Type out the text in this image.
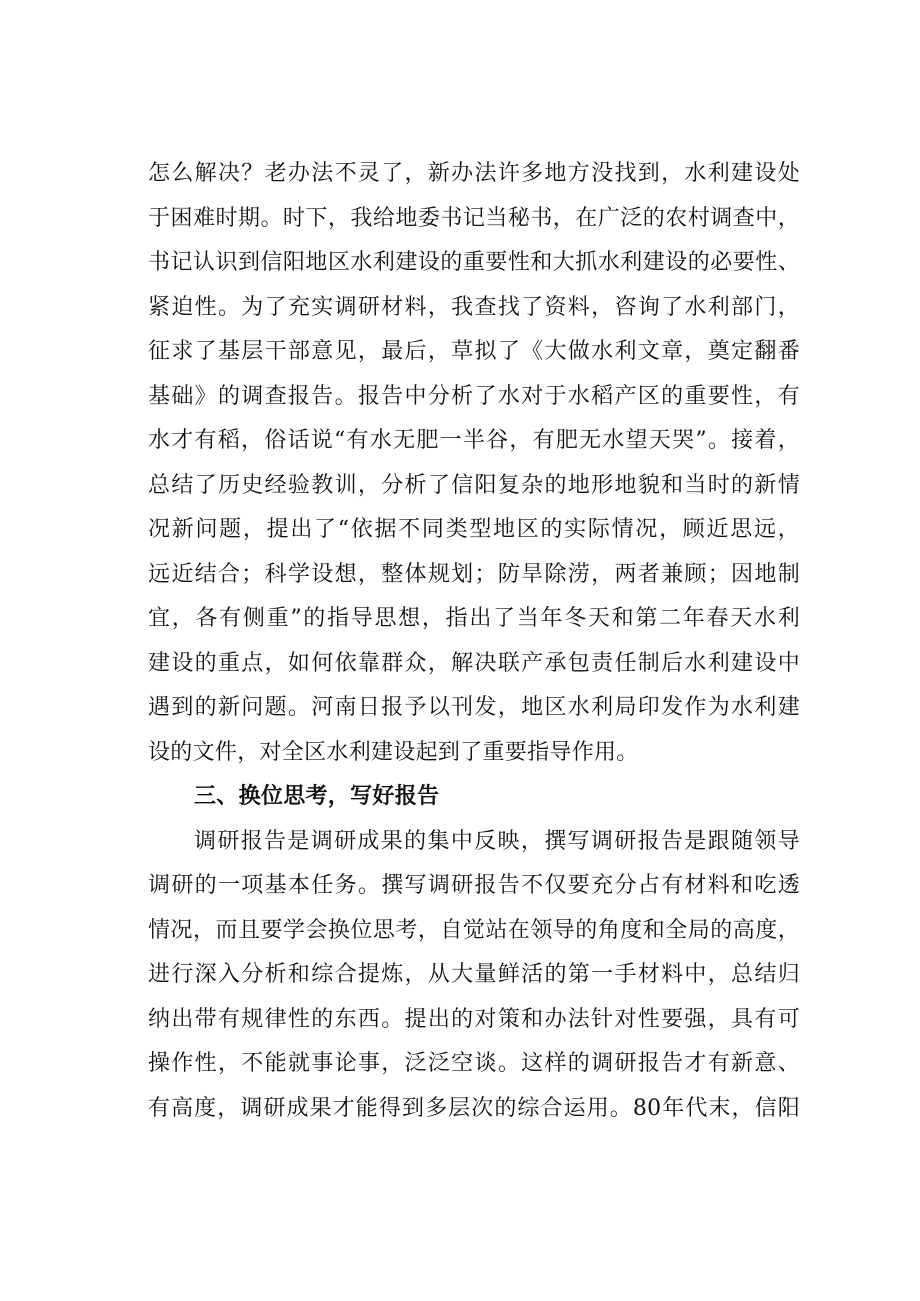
怎么解决？老办法不灵了，新办法许多地方没找到，水利建设处
于困难时期。时下，我给地委书记当秘书，在广泛的农村调查中，
书记认识到信阳地区水利建设的重要性和大抓水利建设的必要性、
紧迫性。为了充实调研材料，我查找了资料，咨询了水利部门，
征求了基层干部意见，最后，草拟了《大做水利文章，奠定翻番
基础》的调查报告。报告中分析了水对于水稻产区的重要性，有
水才有稻，俗话说“有水无肥一半谷，有肥无水望天哭”。接着，
总结了历史经验教训，分析了信阳复杂的地形地貌和当时的新情
况新问题，提出了“依据不同类型地区的实际情况，顾近思远，
远近结合；科学设想，整体规划；防旱除涝，两者兼顾；因地制
宜，各有侧重”的指导思想，指出了当年冬天和第二年春天水利
建设的重点，如何依靠群众，解决联产承包责任制后水利建设中
遇到的新问题。河南日报予以刊发，地区水利局印发作为水利建
设的文件，对全区水利建设起到了重要指导作用。
三、换位思考，写好报告
调研报告是调研成果的集中反映，撰写调研报告是跟随领导
调研的一项基本任务。撰写调研报告不仅要充分占有材料和吃透
情况，而且要学会换位思考，自觉站在领导的角度和全局的高度，
进行深入分析和综合提炼，从大量鲜活的第一手材料中，总结归
纳出带有规律性的东西。提出的对策和办法针对性要强，具有可
操作性，不能就事论事，泛泛空谈。这样的调研报告才有新意、
有高度，调研成果才能得到多层次的综合运用。80年代末，信阳
